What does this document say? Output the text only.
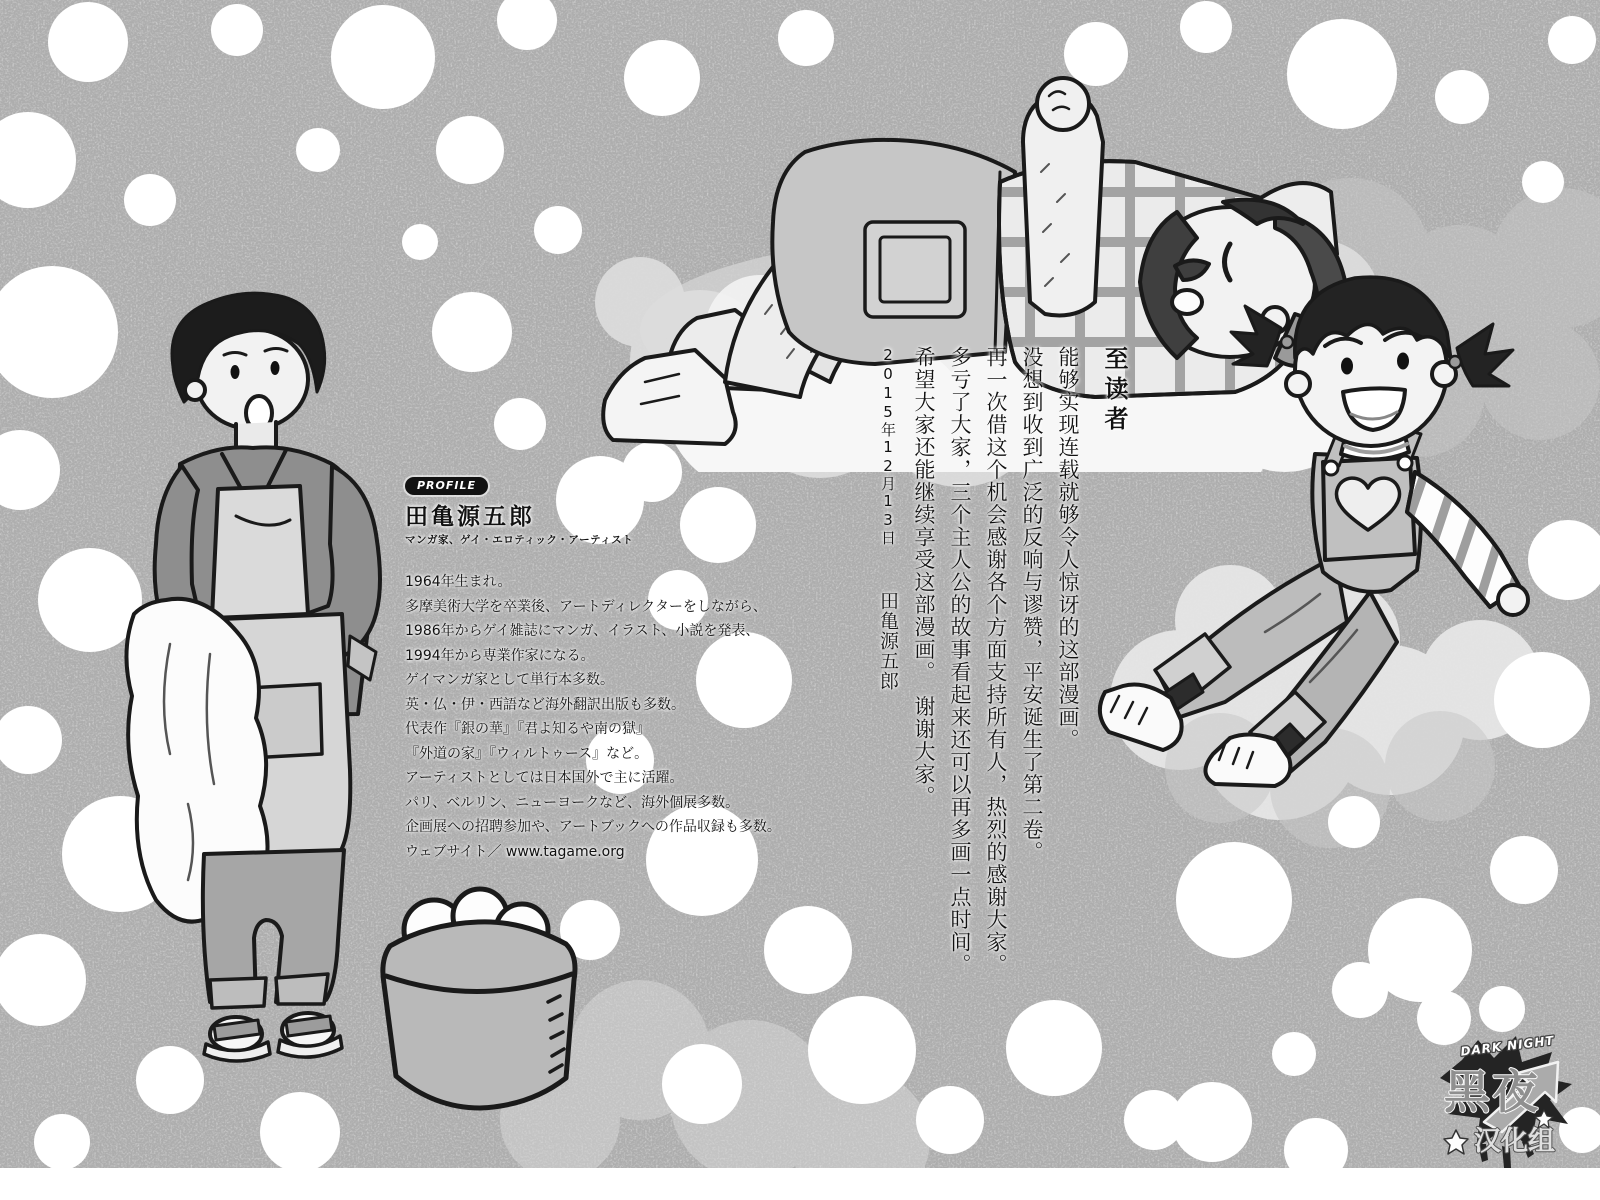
PROFILE
田亀源五郎
マンガ家、ゲイ・エロティック・アーティスト
1964年生まれ。
多摩美術大学を卒業後、アートディレクターをしながら、
1986年からゲイ雑誌にマンガ、イラスト、小説を発表、
1994年から専業作家になる。
ゲイマンガ家として単行本多数。
英・仏・伊・西語など海外翻訳出版も多数。
代表作『銀の華』『君よ知るや南の獄』
『外道の家』『ウィルトゥース』など。
アーティストとしては日本国外で主に活躍。
パリ、ベルリン、ニューヨークなど、海外個展多数。
企画展への招聘参加や、アートブックへの作品収録も多数。
ウェブサイト／ www.tagame.org
至读者
能够实现连载就够令人惊讶的这部漫画。
没想到收到广泛的反响与谬赞，平安诞生了第二卷。
再一次借这个机会感谢各个方面支持所有人，热烈的感谢大家。
多亏了大家，三个主人公的故事看起来还可以再多画一点时间。
希望大家还能继续享受这部漫画。　谢谢大家。
2015年12月13日 田亀源五郎
DARK NIGHT
黑夜
汉化组
